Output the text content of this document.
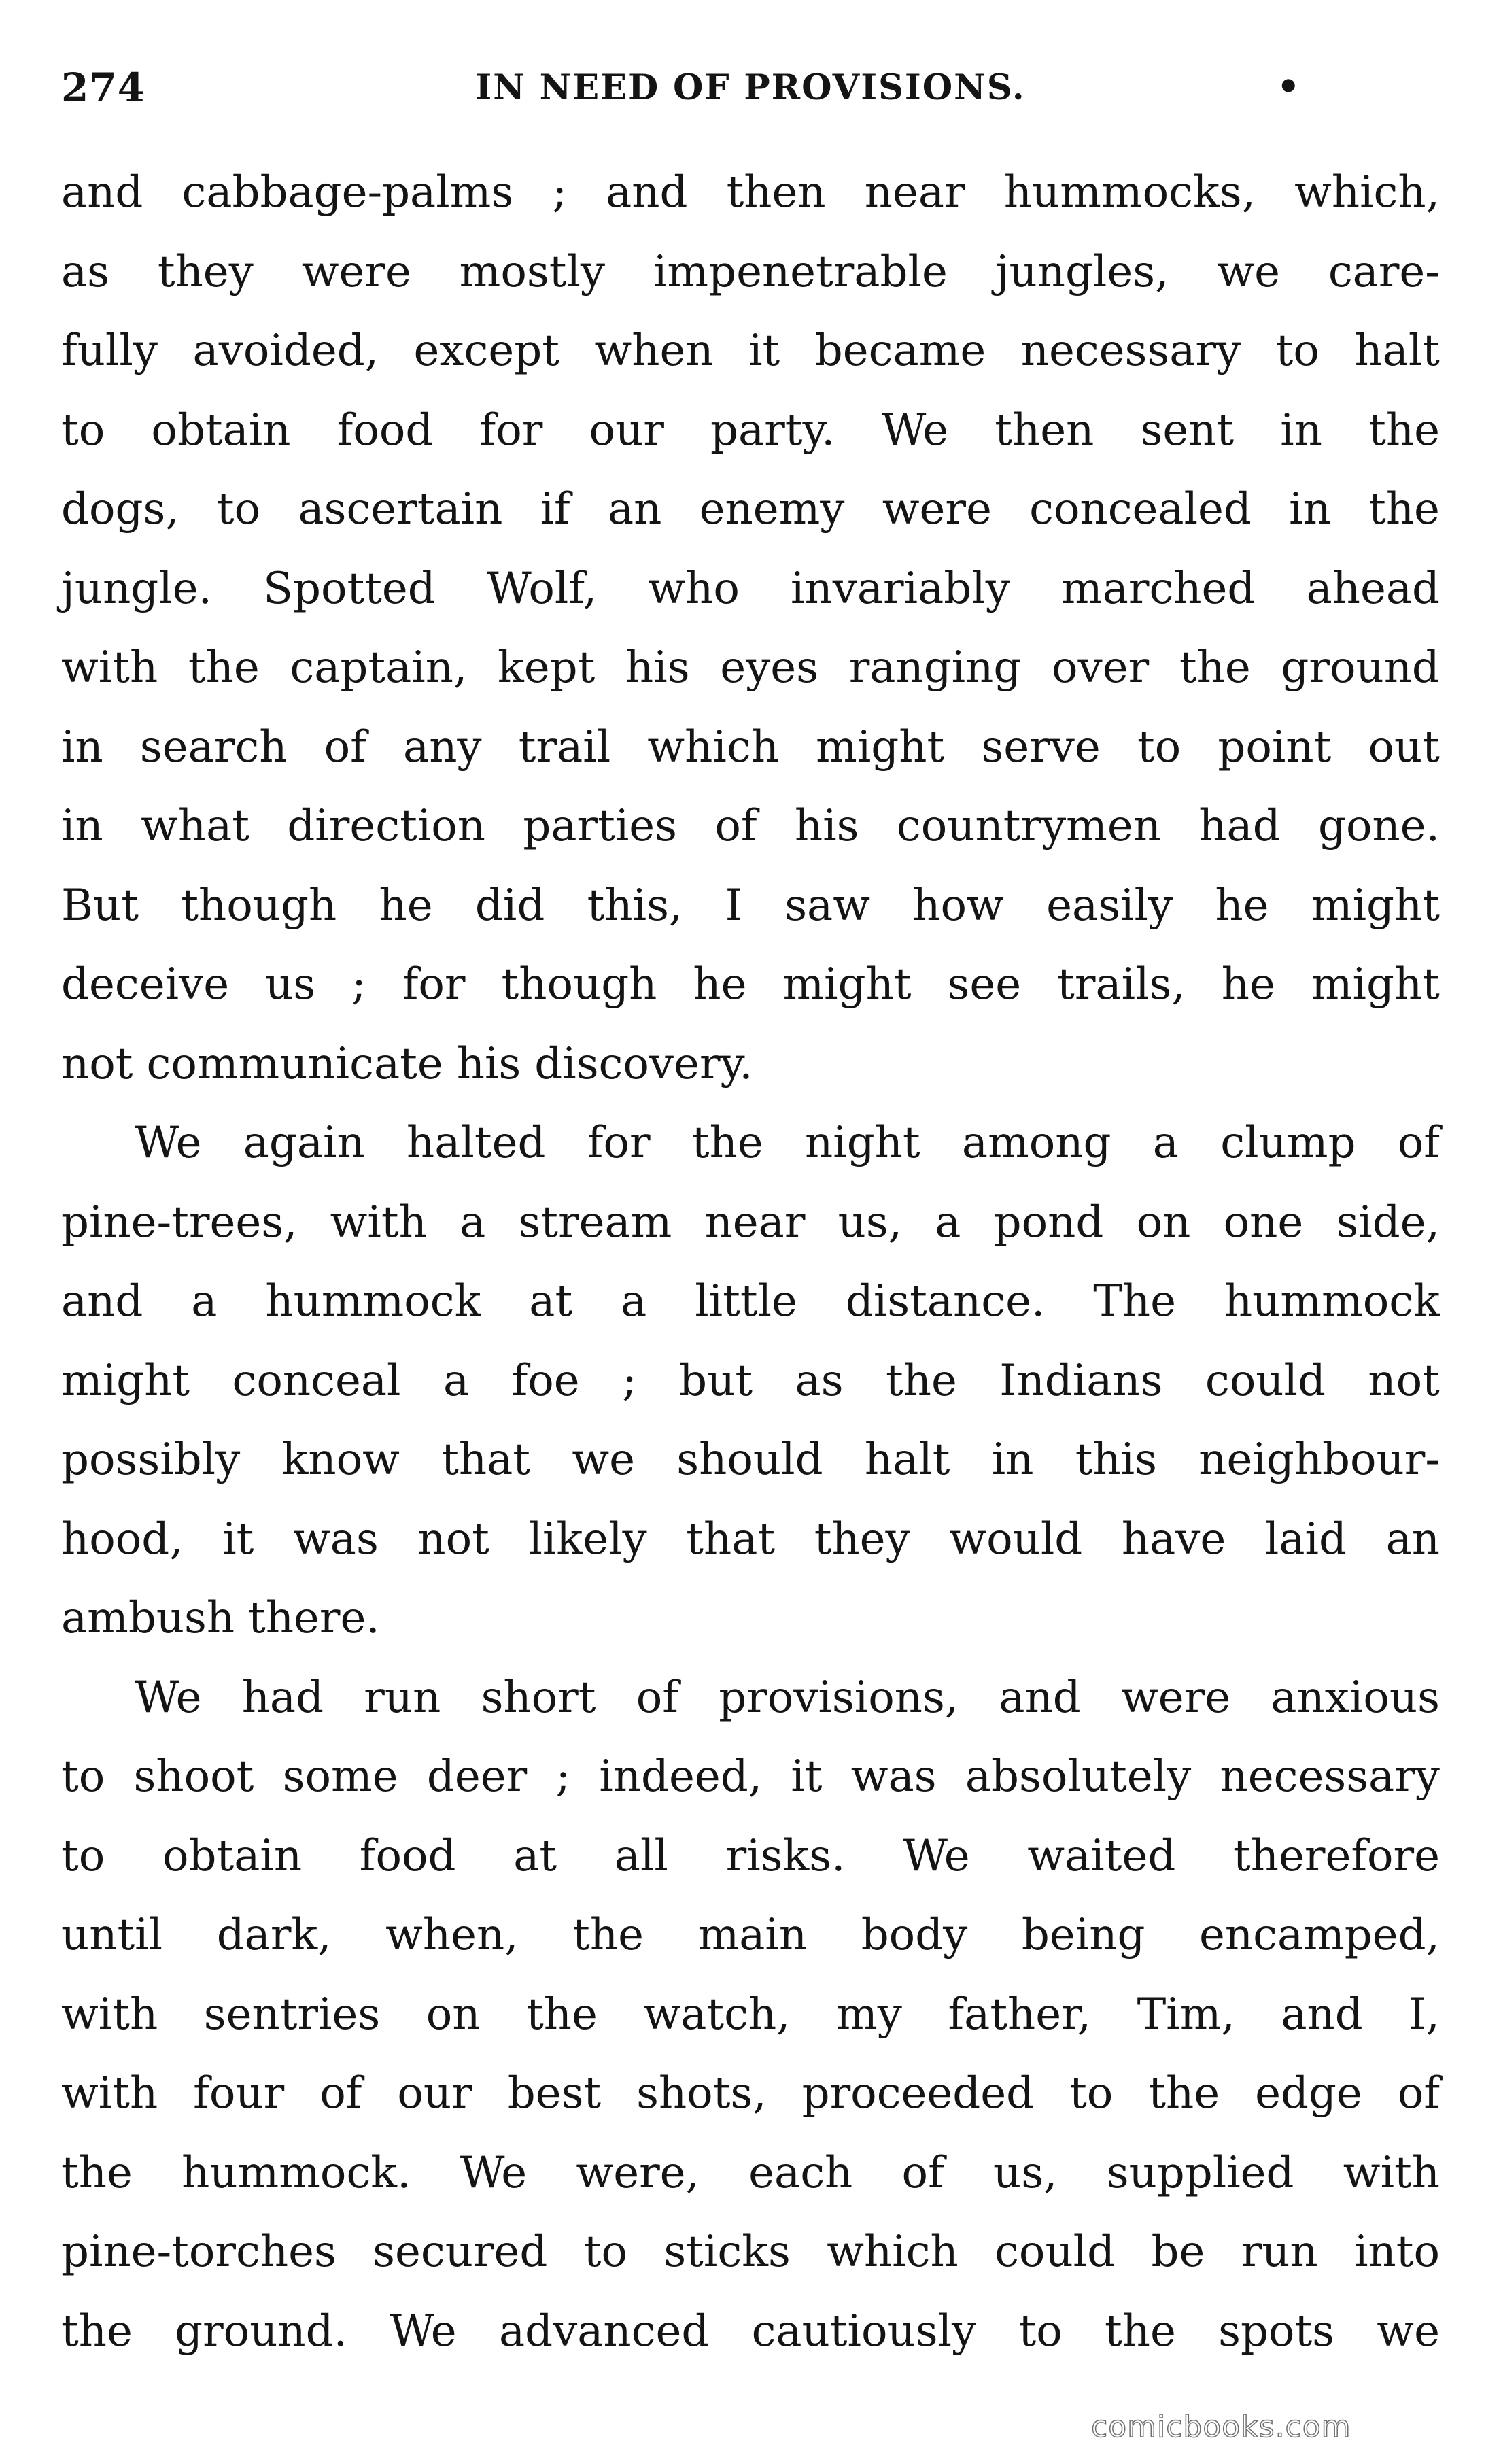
274	IN NEED OF PROVISIONS.	•
and cabbage-palms ; and then near hummocks, which,
as they were mostly impenetrable jungles, we care-
fully avoided, except when it became necessary to halt
to obtain food for our party. We then sent in the
dogs, to ascertain if an enemy were concealed in the
jungle. Spotted Wolf, who invariably marched ahead
with the captain, kept his eyes ranging over the ground
in search of any trail which might serve to point out
in what direction parties of his countrymen had gone.
But though he did this, I saw how easily he might
deceive us ; for though he might see trails, he might
not communicate his discovery.
We again halted for the night among a clump of
pine-trees, with a stream near us, a pond on one side,
and a hummock at a little distance. The hummock
might conceal a foe ; but as the Indians could not
possibly know that we should halt in this neighbour-
hood, it was not likely that they would have laid an
ambush there.
We had run short of provisions, and were anxious
to shoot some deer ; indeed, it was absolutely necessary
to obtain food at all risks. We waited therefore
until dark, when, the main body being encamped,
with sentries on the watch, my father, Tim, and I,
with four of our best shots, proceeded to the edge of
the hummock. We were, each of us, supplied with
pine-torches secured to sticks which could be run into
the ground. We advanced cautiously to the spots we
comicbooks.com
